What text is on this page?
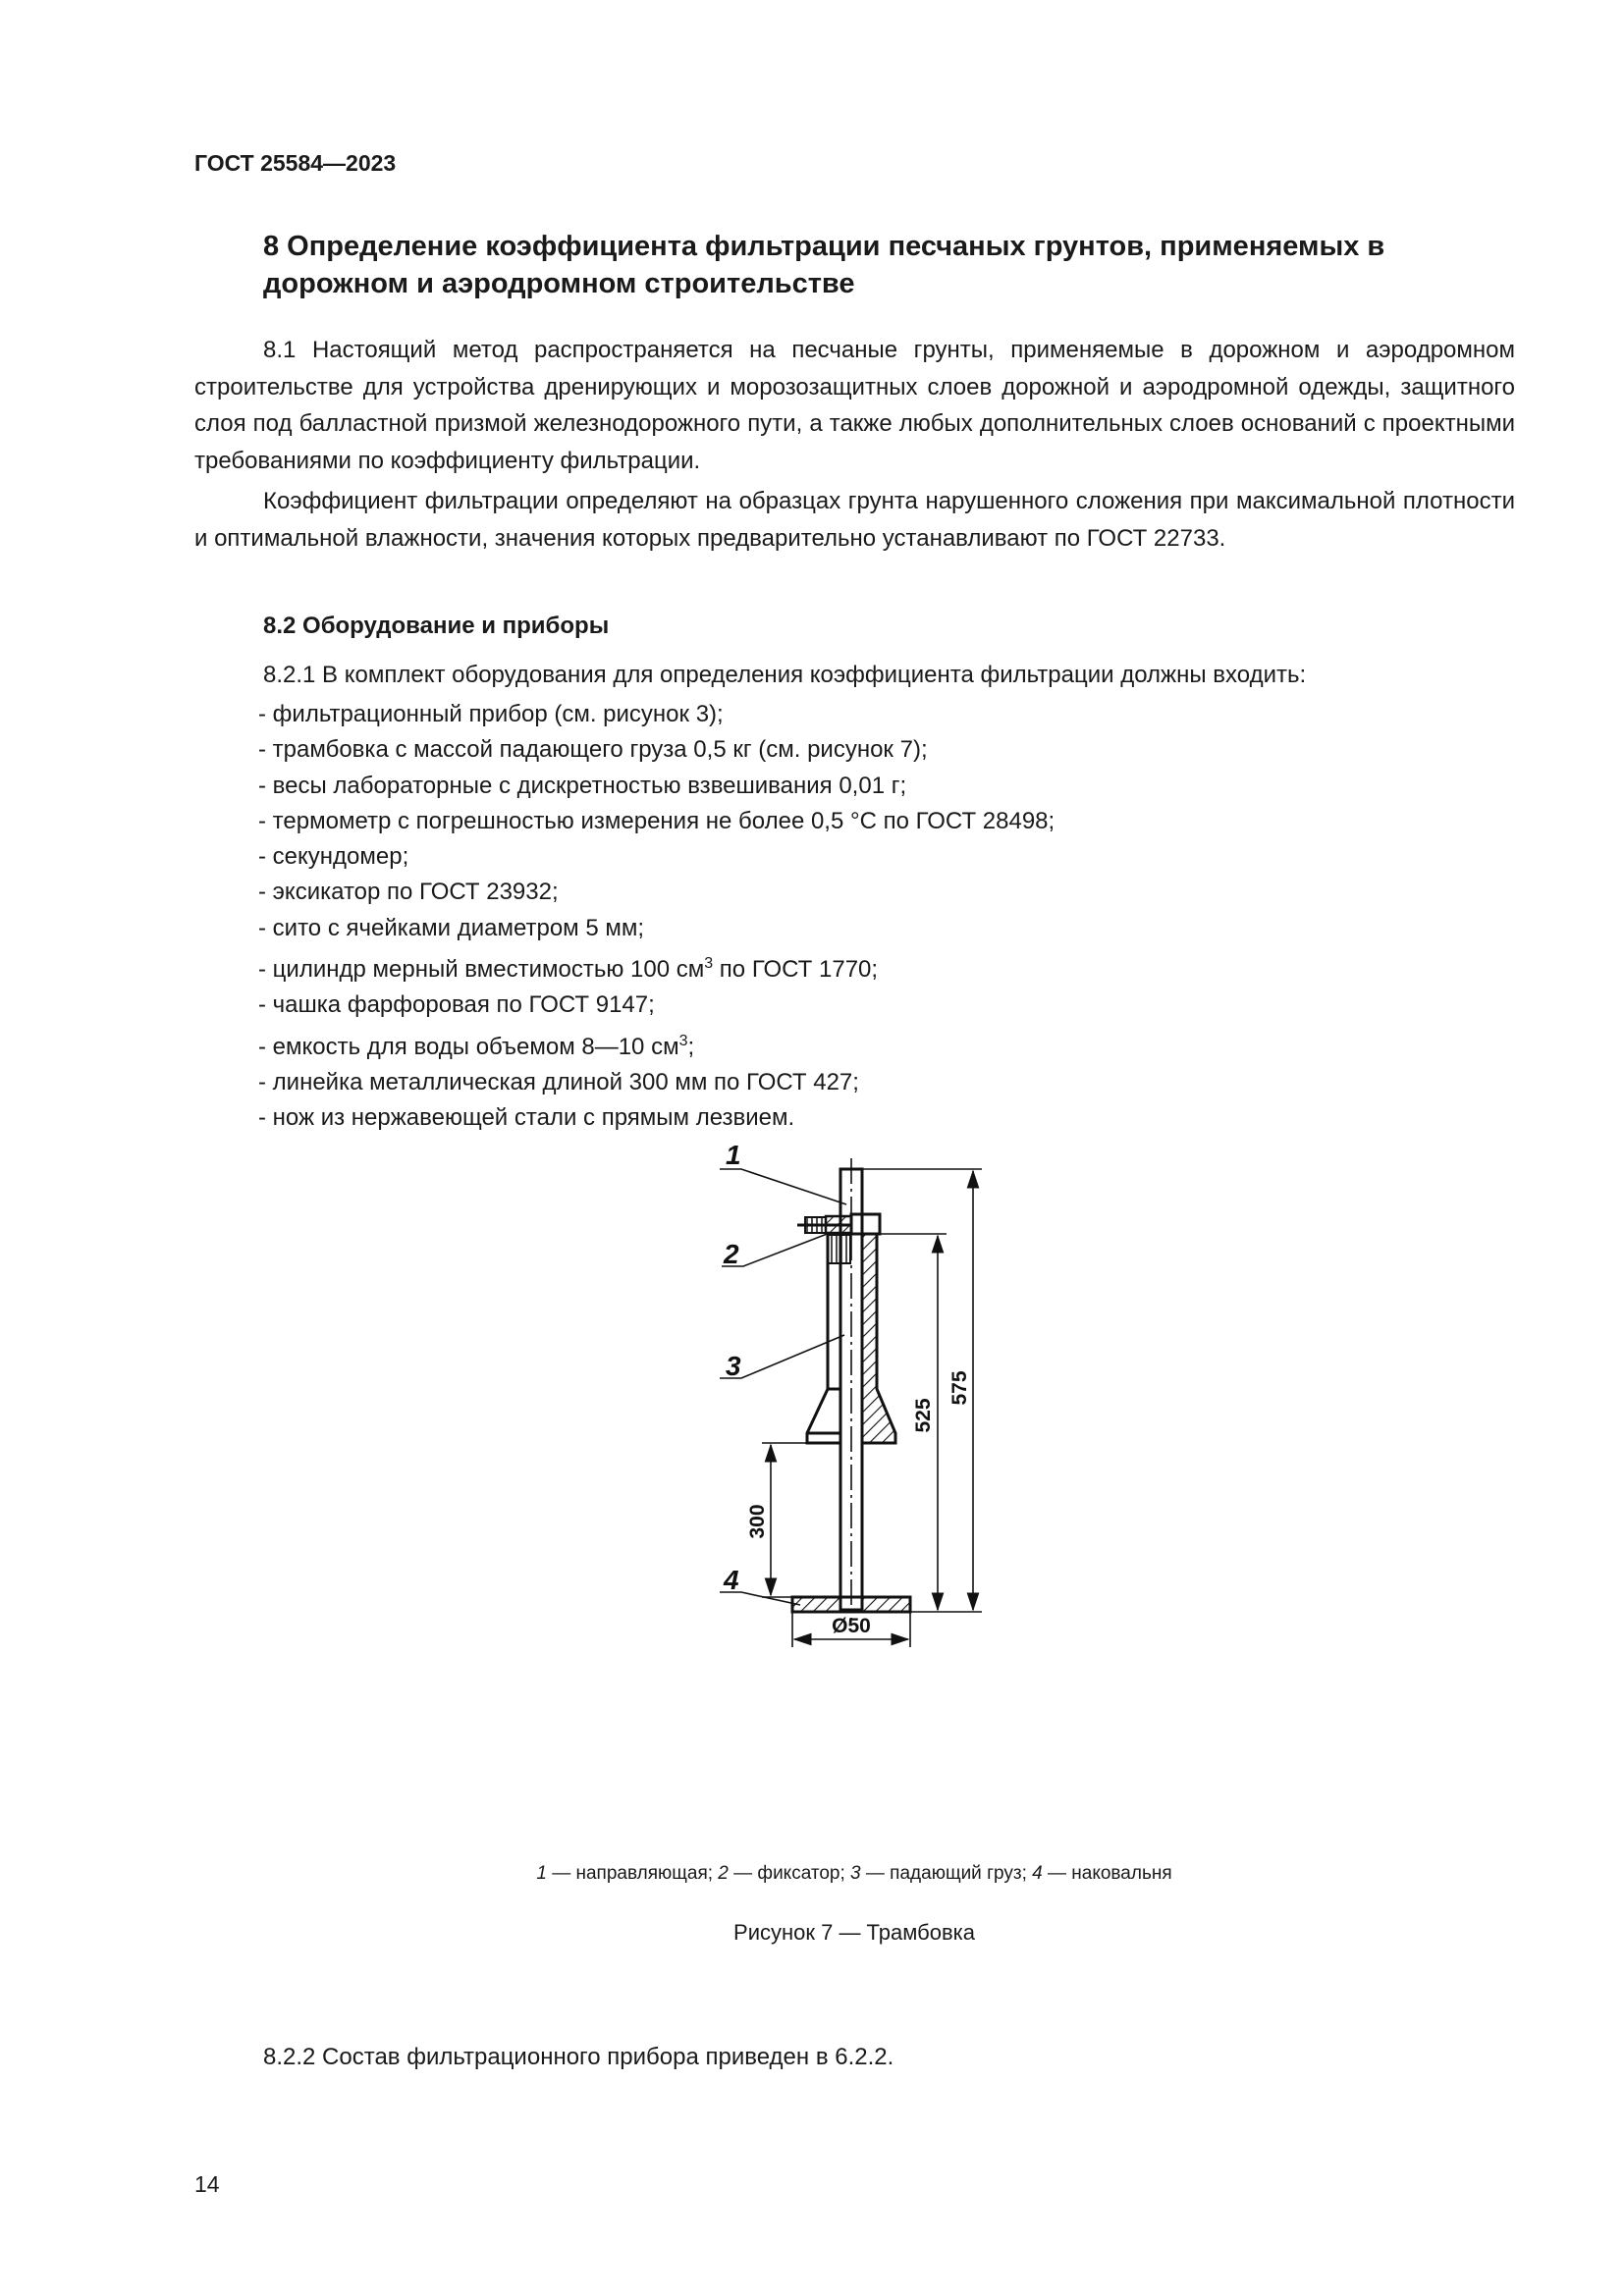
ГОСТ 25584—2023
8 Определение коэффициента фильтрации песчаных грунтов, применяемых в дорожном и аэродромном строительстве
8.1 Настоящий метод распространяется на песчаные грунты, применяемые в дорожном и аэродромном строительстве для устройства дренирующих и морозозащитных слоев дорожной и аэродромной одежды, защитного слоя под балластной призмой железнодорожного пути, а также любых дополнительных слоев оснований с проектными требованиями по коэффициенту фильтрации.
Коэффициент фильтрации определяют на образцах грунта нарушенного сложения при максимальной плотности и оптимальной влажности, значения которых предварительно устанавливают по ГОСТ 22733.
8.2 Оборудование и приборы
8.2.1 В комплект оборудования для определения коэффициента фильтрации должны входить:
- фильтрационный прибор (см. рисунок 3);
- трамбовка с массой падающего груза 0,5 кг (см. рисунок 7);
- весы лабораторные с дискретностью взвешивания 0,01 г;
- термометр с погрешностью измерения не более 0,5 °С по ГОСТ 28498;
- секундомер;
- эксикатор по ГОСТ 23932;
- сито с ячейками диаметром 5 мм;
- цилиндр мерный вместимостью 100 $см^3$ по ГОСТ 1770;
- чашка фарфоровая по ГОСТ 9147;
- емкость для воды объемом 8—10 $см^3$;
- линейка металлическая длиной 300 мм по ГОСТ 427;
- нож из нержавеющей стали с прямым лезвием.
575
525
300
Ø50
1
2
3
4
1 — направляющая; 2 — фиксатор; 3 — падающий груз; 4 — наковальня
Рисунок 7 — Трамбовка
8.2.2 Состав фильтрационного прибора приведен в 6.2.2.
14
